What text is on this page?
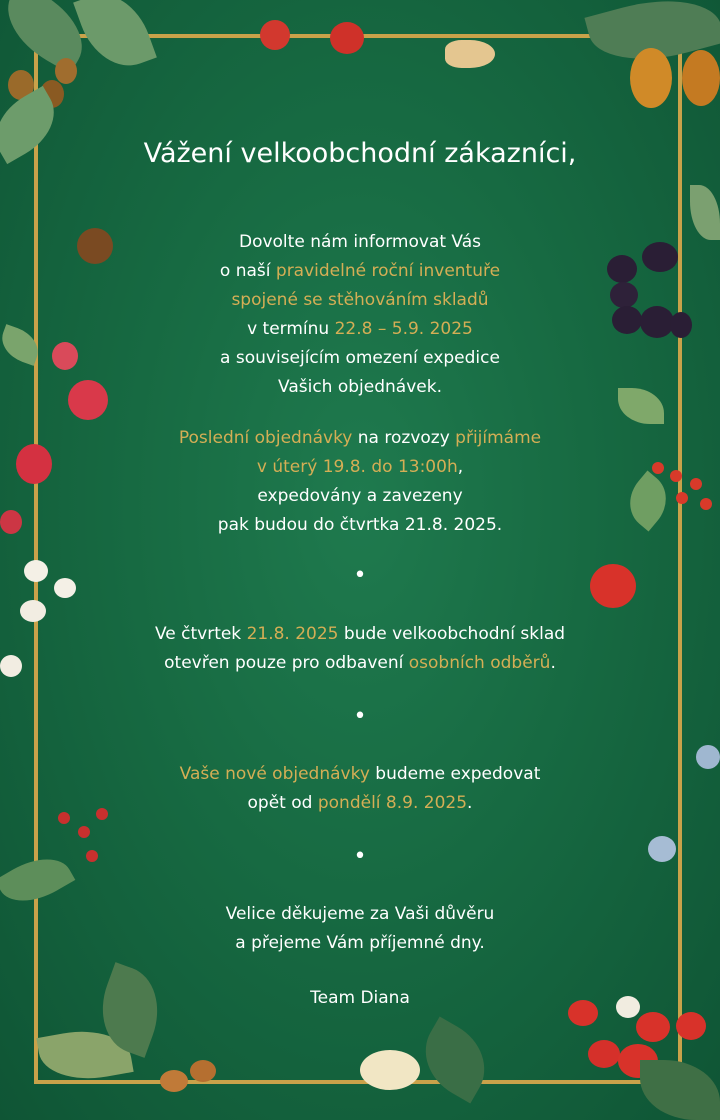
Vážení velkoobchodní zákazníci,
Dovolte nám informovat Vás
o naší pravidelné roční inventuře
spojené se stěhováním skladů
v termínu 22.8 – 5.9. 2025
a souvisejícím omezení expedice
Vašich objednávek.
Poslední objednávky na rozvozy přijímáme
v úterý 19.8. do 13:00h,
expedovány a zavezeny
pak budou do čtvrtka 21.8. 2025.
•
Ve čtvrtek 21.8. 2025 bude velkoobchodní sklad
otevřen pouze pro odbavení osobních odběrů.
•
Vaše nové objednávky budeme expedovat
opět od pondělí 8.9. 2025.
•
Velice děkujeme za Vaši důvěru
a přejeme Vám příjemné dny.
Team Diana
